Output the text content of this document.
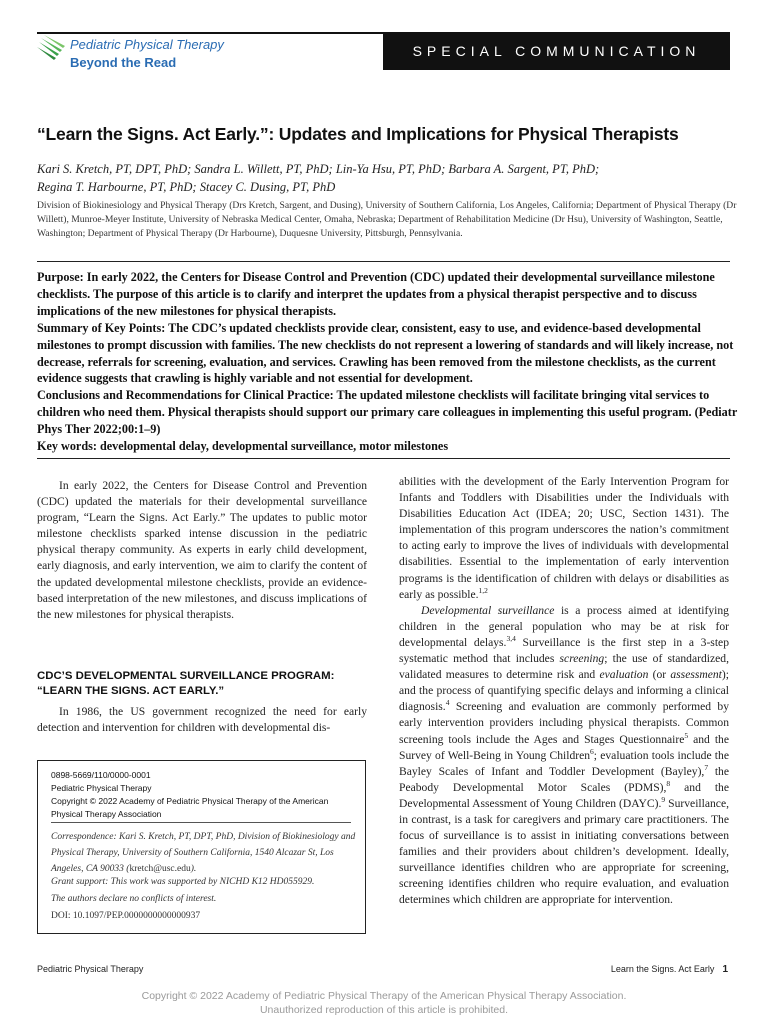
Pediatric Physical Therapy
Beyond the Read
SPECIAL COMMUNICATION
“Learn the Signs. Act Early.”: Updates and Implications for Physical Therapists
Kari S. Kretch, PT, DPT, PhD; Sandra L. Willett, PT, PhD; Lin-Ya Hsu, PT, PhD; Barbara A. Sargent, PT, PhD;
Regina T. Harbourne, PT, PhD; Stacey C. Dusing, PT, PhD
Division of Biokinesiology and Physical Therapy (Drs Kretch, Sargent, and Dusing), University of Southern California, Los Angeles, California; Department of Physical Therapy (Dr Willett), Munroe-Meyer Institute, University of Nebraska Medical Center, Omaha, Nebraska; Department of Rehabilitation Medicine (Dr Hsu), University of Washington, Seattle, Washington; Department of Physical Therapy (Dr Harbourne), Duquesne University, Pittsburgh, Pennsylvania.

Purpose: In early 2022, the Centers for Disease Control and Prevention (CDC) updated their developmental surveillance milestone checklists. The purpose of this article is to clarify and interpret the updates from a physical therapist perspective and to discuss implications of the new milestones for physical therapists.

Summary of Key Points: The CDC’s updated checklists provide clear, consistent, easy to use, and evidence-based developmental milestones to prompt discussion with families. The new checklists do not represent a lowering of standards and will likely increase, not decrease, referrals for screening, evaluation, and services. Crawling has been removed from the milestone checklists, as the current evidence suggests that crawling is highly variable and not essential for development.

Conclusions and Recommendations for Clinical Practice: The updated milestone checklists will facilitate bringing vital services to children who need them. Physical therapists should support our primary care colleagues in implementing this useful program. (Pediatr Phys Ther 2022;00:1–9)

Key words: developmental delay, developmental surveillance, motor milestones

In early 2022, the Centers for Disease Control and Prevention (CDC) updated the materials for their developmental surveillance program, “Learn the Signs. Act Early.” The updates to public motor milestone checklists sparked intense discussion in the pediatric physical therapy community. As experts in early child development, early diagnosis, and early intervention, we aim to clarify the content of the updated developmental milestone checklists, provide an evidence-based interpretation of the new milestones, and discuss implications of the new milestones for physical therapists.

CDC’S DEVELOPMENTAL SURVEILLANCE PROGRAM: “LEARN THE SIGNS. ACT EARLY.”

In 1986, the US government recognized the need for early detection and intervention for children with developmental dis-

0898-5669/110/0000-0001
Pediatric Physical Therapy
Copyright © 2022 Academy of Pediatric Physical Therapy of the American Physical Therapy Association
Correspondence: Kari S. Kretch, PT, DPT, PhD, Division of Biokinesiology and Physical Therapy, University of Southern California, 1540 Alcazar St, Los Angeles, CA 90033 (kretch@usc.edu).
Grant support: This work was supported by NICHD K12 HD055929.
The authors declare no conflicts of interest.
DOI: 10.1097/PEP.0000000000000937

abilities with the development of the Early Intervention Program for Infants and Toddlers with Disabilities under the Individuals with Disabilities Education Act (IDEA; 20; USC, Section 1431). The implementation of this program underscores the nation’s commitment to acting early to improve the lives of individuals with developmental disabilities. Essential to the implementation of early intervention programs is the identification of children with delays or disabilities as early as possible.$^{1,2}$

Developmental surveillance is a process aimed at identifying children in the general population who may be at risk for developmental delays.$^{3,4}$ Surveillance is the first step in a 3-step systematic method that includes screening; the use of standardized, validated measures to determine risk and evaluation (or assessment); and the process of quantifying specific delays and informing a clinical diagnosis.$^4$ Screening and evaluation are commonly performed by early intervention providers including physical therapists. Common screening tools include the Ages and Stages Questionnaire$^5$ and the Survey of Well-Being in Young Children$^6$; evaluation tools include the Bayley Scales of Infant and Toddler Development (Bayley),$^7$ the Peabody Developmental Motor Scales (PDMS),$^8$ and the Developmental Assessment of Young Children (DAYC).$^9$ Surveillance, in contrast, is a task for caregivers and primary care practitioners. The focus of surveillance is to assist in initiating conversations between families and their providers about children’s development. Ideally, surveillance identifies children who are appropriate for screening, screening identifies children who require evaluation, and evaluation determines which children are appropriate for intervention.

Pediatric Physical Therapy	Learn the Signs. Act Early 1
Copyright © 2022 Academy of Pediatric Physical Therapy of the American Physical Therapy Association.
Unauthorized reproduction of this article is prohibited.
